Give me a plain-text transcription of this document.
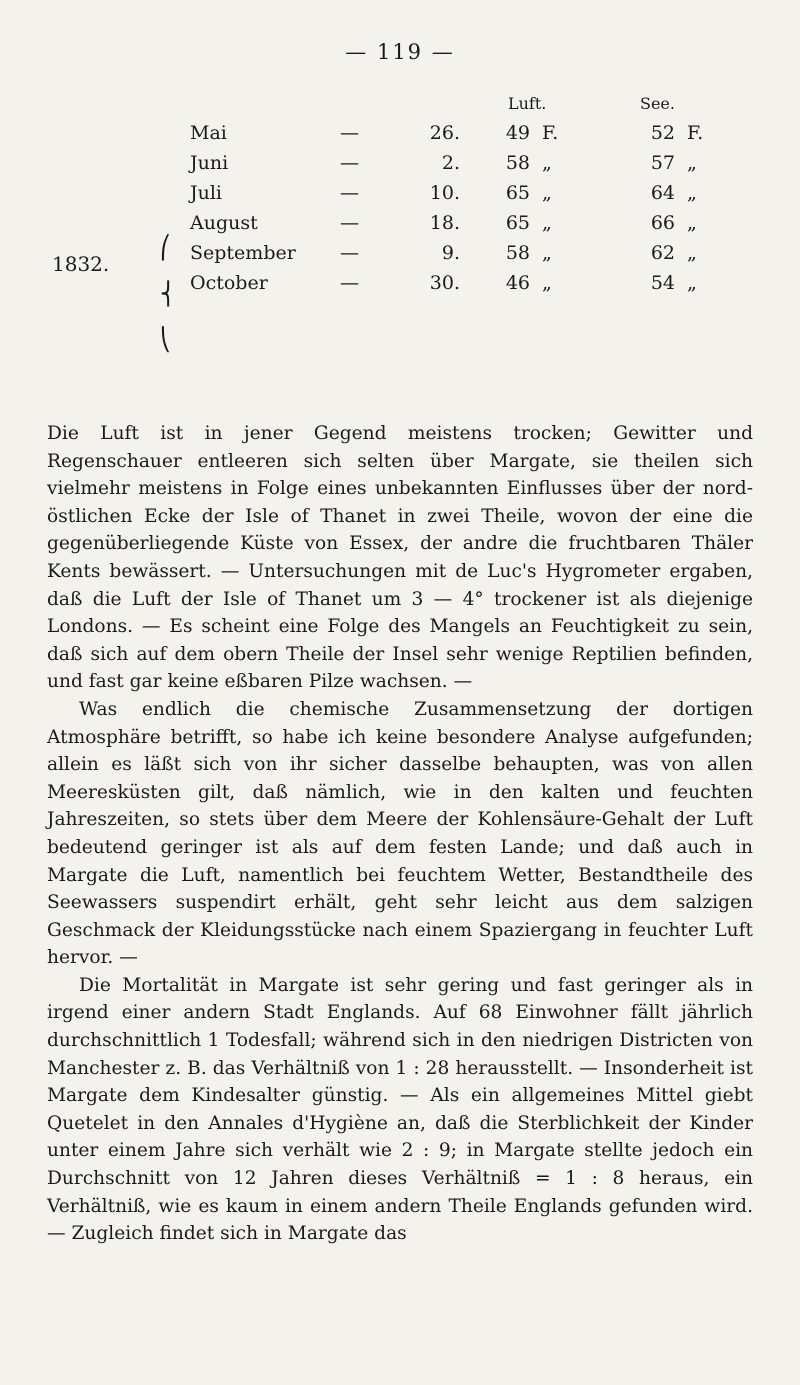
— 119 —
Luft.	See.
1832.
⎛
⎨
⎝
Mai	—	26.	49 F.	52 F.
Juni	—	2.	58 „	57 „
Juli	—	10.	65 „	64 „
August	—	18.	65 „	66 „
September —	9.	58 „	62 „
October	—	30.	46 „	54 „

Die Luft ist in jener Gegend meistens trocken; Gewitter und Regenschauer entleeren sich selten über Margate, sie theilen sich vielmehr meistens in Folge eines unbekannten Einflusses über der nord-östlichen Ecke der Isle of Thanet in zwei Theile, wovon der eine die gegenüberliegende Küste von Essex, der andre die fruchtbaren Thäler Kents bewässert. — Untersuchungen mit de Luc's Hygrometer ergaben, daß die Luft der Isle of Thanet um 3 — 4° trockener ist als diejenige Londons. — Es scheint eine Folge des Mangels an Feuchtigkeit zu sein, daß sich auf dem obern Theile der Insel sehr wenige Reptilien befinden, und fast gar keine eßbaren Pilze wachsen. —

Was endlich die chemische Zusammensetzung der dortigen Atmosphäre betrifft, so habe ich keine besondere Analyse aufgefunden; allein es läßt sich von ihr sicher dasselbe behaupten, was von allen Meeresküsten gilt, daß nämlich, wie in den kalten und feuchten Jahreszeiten, so stets über dem Meere der Kohlensäure-Gehalt der Luft bedeutend geringer ist als auf dem festen Lande; und daß auch in Margate die Luft, namentlich bei feuchtem Wetter, Bestandtheile des Seewassers suspendirt erhält, geht sehr leicht aus dem salzigen Geschmack der Kleidungsstücke nach einem Spaziergang in feuchter Luft hervor. —

Die Mortalität in Margate ist sehr gering und fast geringer als in irgend einer andern Stadt Englands. Auf 68 Einwohner fällt jährlich durchschnittlich 1 Todesfall; während sich in den niedrigen Districten von Manchester z. B. das Verhältniß von 1 : 28 herausstellt. — Insonderheit ist Margate dem Kindesalter günstig. — Als ein allgemeines Mittel giebt Quetelet in den Annales d'Hygiène an, daß die Sterblichkeit der Kinder unter einem Jahre sich verhält wie 2 : 9; in Margate stellte jedoch ein Durchschnitt von 12 Jahren dieses Verhältniß = 1 : 8 heraus, ein Verhältniß, wie es kaum in einem andern Theile Englands gefunden wird. — Zugleich findet sich in Margate das
